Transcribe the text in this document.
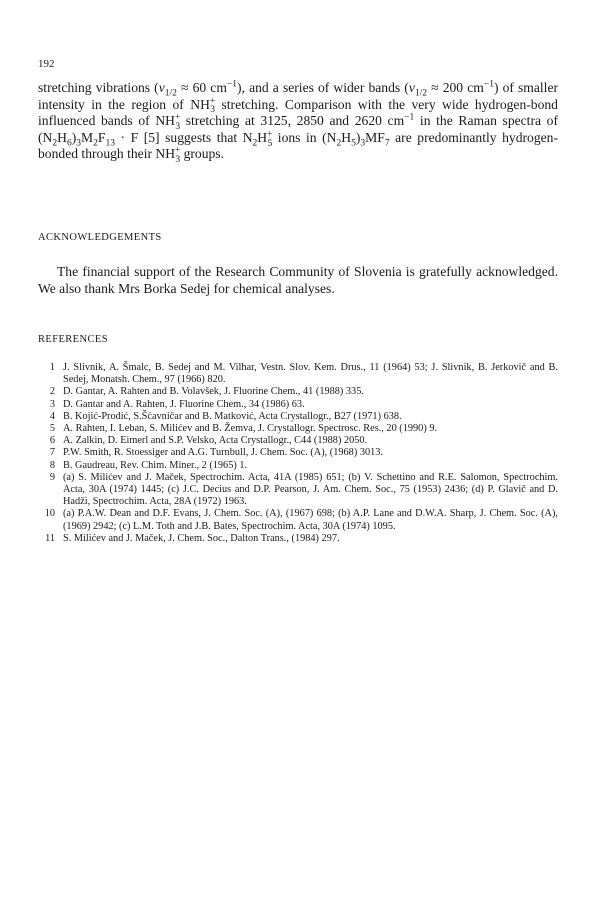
192

stretching vibrations ($\nu_{1/2} \approx 60$ $cm^{-1}$), and a series of wider bands ($\nu_{1/2} \approx 200$ $cm^{-1}$) of smaller intensity in the region of $NH^+_3$ stretching. Comparison with the very wide hydrogen-bond influenced bands of $NH^+_3$ stretching at 3125, 2850 and 2620 $cm^{-1}$ in the Raman spectra of $(N_2H_6)_3M_2F_{13} \cdot F$ [5] suggests that $N_2H^+_5$ ions in $(N_2H_5)_3MF_7$ are predominantly hydrogen-bonded through their $NH^+_3$ groups.

ACKNOWLEDGEMENTS

The financial support of the Research Community of Slovenia is gratefully acknowledged. We also thank Mrs Borka Sedej for chemical analyses.

REFERENCES
1 J. Slivnik, A. Šmalc, B. Sedej and M. Vilhar, Vestn. Slov. Kem. Drus., 11 (1964) 53; J. Slivnik, B. Jerkovič and B. Sedej, Monatsh. Chem., 97 (1966) 820.
2 D. Gantar, A. Rahten and B. Volavšek, J. Fluorine Chem., 41 (1988) 335.
3 D. Gantar and A. Rahten, J. Fluorine Chem., 34 (1986) 63.
4 B. Kojić-Prodić, S.Šćavničar and B. Matković, Acta Crystallogr., B27 (1971) 638.
5 A. Rahten, I. Leban, S. Milićev and B. Žemva, J. Crystallogr. Spectrosc. Res., 20 (1990) 9.
6 A. Zalkin, D. Eimerl and S.P. Velsko, Acta Crystallogr., C44 (1988) 2050.
7 P.W. Smith, R. Stoessiger and A.G. Turnbull, J. Chem. Soc. (A), (1968) 3013.
8 B. Gaudreau, Rev. Chim. Miner., 2 (1965) 1.
9 (a) S. Milićev and J. Maček, Spectrochim. Acta, 41A (1985) 651; (b) V. Schettino and R.E. Salomon, Spectrochim. Acta, 30A (1974) 1445; (c) J.C. Decius and D.P. Pearson, J. Am. Chem. Soc., 75 (1953) 2436; (d) P. Glavič and D. Hadži, Spectrochim. Acta, 28A (1972) 1963.
10 (a) P.A.W. Dean and D.F. Evans, J. Chem. Soc. (A), (1967) 698; (b) A.P. Lane and D.W.A. Sharp, J. Chem. Soc. (A), (1969) 2942; (c) L.M. Toth and J.B. Bates, Spectrochim. Acta, 30A (1974) 1095.
11 S. Milićev and J. Maček, J. Chem. Soc., Dalton Trans., (1984) 297.
